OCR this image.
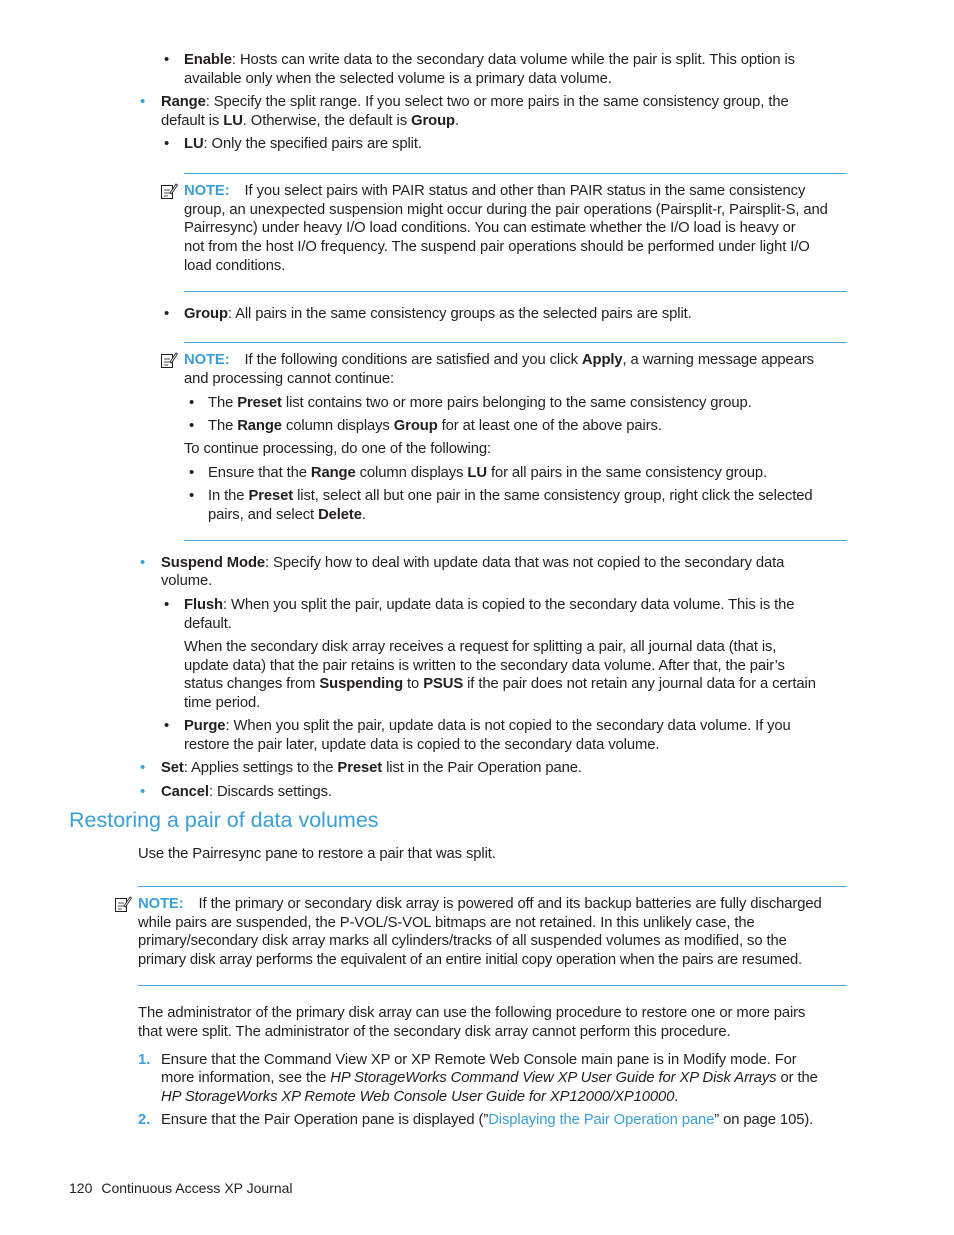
• Enable: Hosts can write data to the secondary data volume while the pair is split. This option is
available only when the selected volume is a primary data volume.
• Range: Specify the split range. If you select two or more pairs in the same consistency group, the
default is LU. Otherwise, the default is Group.
• LU: Only the specified pairs are split.
NOTE: If you select pairs with PAIR status and other than PAIR status in the same consistency
group, an unexpected suspension might occur during the pair operations (Pairsplit-r, Pairsplit-S, and
Pairresync) under heavy I/O load conditions. You can estimate whether the I/O load is heavy or
not from the host I/O frequency. The suspend pair operations should be performed under light I/O
load conditions.
• Group: All pairs in the same consistency groups as the selected pairs are split.
NOTE: If the following conditions are satisfied and you click Apply, a warning message appears
and processing cannot continue:
• The Preset list contains two or more pairs belonging to the same consistency group.
• The Range column displays Group for at least one of the above pairs.
To continue processing, do one of the following:
• Ensure that the Range column displays LU for all pairs in the same consistency group.
• In the Preset list, select all but one pair in the same consistency group, right click the selected
pairs, and select Delete.
• Suspend Mode: Specify how to deal with update data that was not copied to the secondary data
volume.
• Flush: When you split the pair, update data is copied to the secondary data volume. This is the
default.
When the secondary disk array receives a request for splitting a pair, all journal data (that is,
update data) that the pair retains is written to the secondary data volume. After that, the pair’s
status changes from Suspending to PSUS if the pair does not retain any journal data for a certain
time period.
• Purge: When you split the pair, update data is not copied to the secondary data volume. If you
restore the pair later, update data is copied to the secondary data volume.
• Set: Applies settings to the Preset list in the Pair Operation pane.
• Cancel: Discards settings.
Restoring a pair of data volumes
Use the Pairresync pane to restore a pair that was split.
NOTE: If the primary or secondary disk array is powered off and its backup batteries are fully discharged
while pairs are suspended, the P-VOL/S-VOL bitmaps are not retained. In this unlikely case, the
primary/secondary disk array marks all cylinders/tracks of all suspended volumes as modified, so the
primary disk array performs the equivalent of an entire initial copy operation when the pairs are resumed.
The administrator of the primary disk array can use the following procedure to restore one or more pairs
that were split. The administrator of the secondary disk array cannot perform this procedure.
1. Ensure that the Command View XP or XP Remote Web Console main pane is in Modify mode. For
more information, see the HP StorageWorks Command View XP User Guide for XP Disk Arrays or the
HP StorageWorks XP Remote Web Console User Guide for XP12000/XP10000.
2. Ensure that the Pair Operation pane is displayed (”Displaying the Pair Operation pane” on page 105).
120 Continuous Access XP Journal
